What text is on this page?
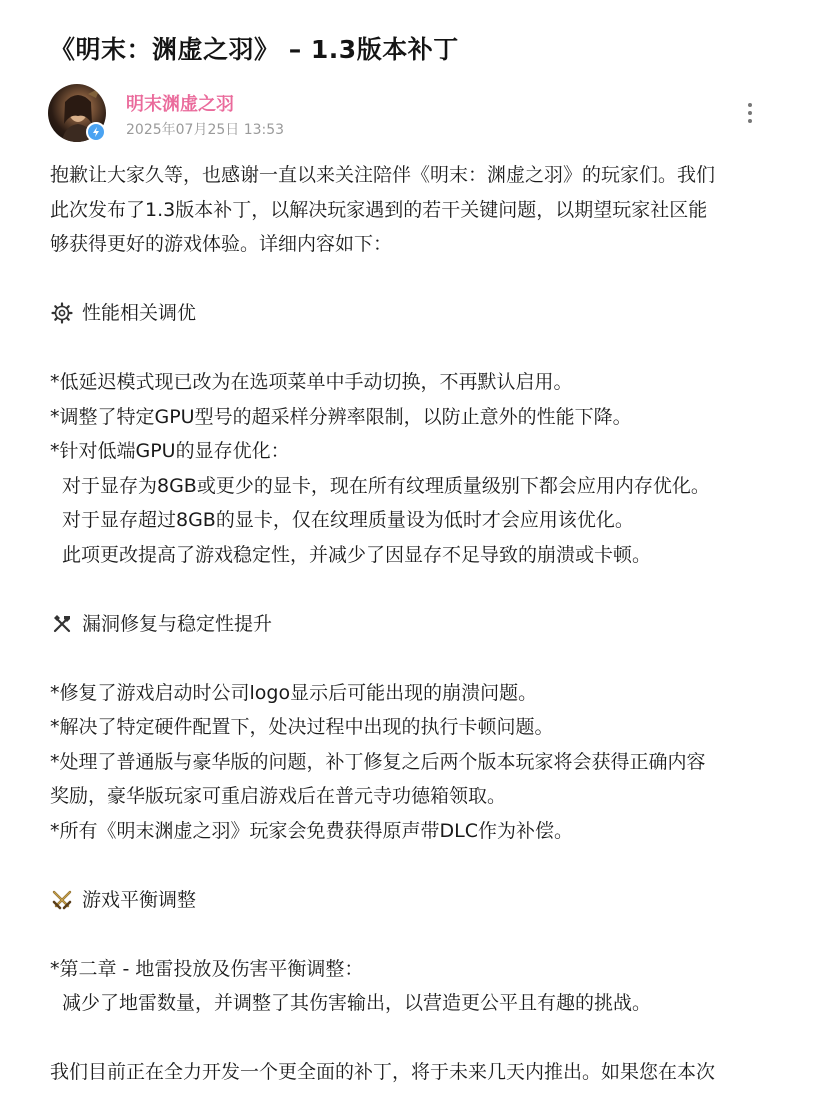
《明末：渊虚之羽》 – 1.3版本补丁
明末渊虚之羽
2025年07月25日 13:53

抱歉让大家久等，也感谢一直以来关注陪伴《明末：渊虚之羽》的玩家们。我们

此次发布了1.3版本补丁，以解决玩家遇到的若干关键问题，以期望玩家社区能

够获得更好的游戏体验。详细内容如下：

性能相关调优

*低延迟模式现已改为在选项菜单中手动切换，不再默认启用。

*调整了特定GPU型号的超采样分辨率限制，以防止意外的性能下降。

*针对低端GPU的显存优化：

对于显存为8GB或更少的显卡，现在所有纹理质量级别下都会应用内存优化。

对于显存超过8GB的显卡，仅在纹理质量设为低时才会应用该优化。

此项更改提高了游戏稳定性，并减少了因显存不足导致的崩溃或卡顿。

漏洞修复与稳定性提升

*修复了游戏启动时公司logo显示后可能出现的崩溃问题。

*解决了特定硬件配置下，处决过程中出现的执行卡顿问题。

*处理了普通版与豪华版的问题，补丁修复之后两个版本玩家将会获得正确内容

奖励，豪华版玩家可重启游戏后在普元寺功德箱领取。

*所有《明末渊虚之羽》玩家会免费获得原声带DLC作为补偿。

游戏平衡调整

*第二章 - 地雷投放及伤害平衡调整：

减少了地雷数量，并调整了其伤害输出，以营造更公平且有趣的挑战。

我们目前正在全力开发一个更全面的补丁，将于未来几天内推出。如果您在本次
